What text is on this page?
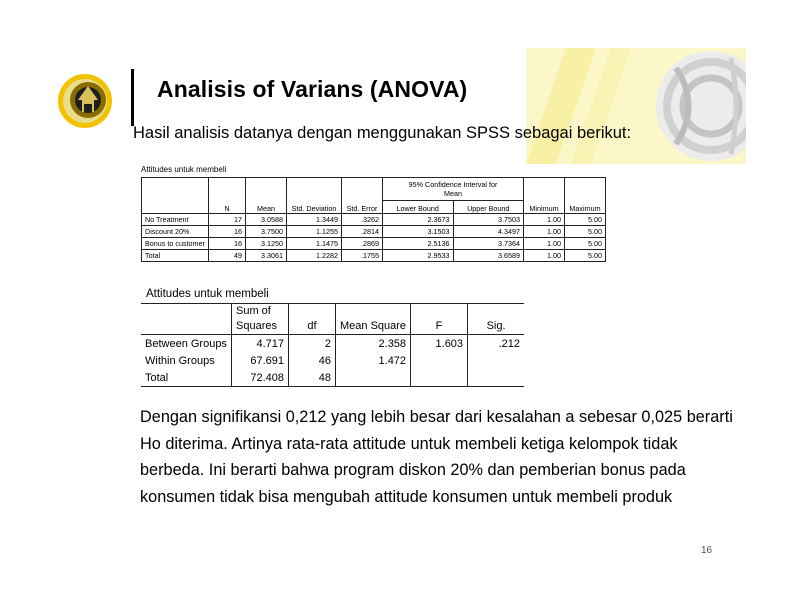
Analisis of Varians (ANOVA)
Hasil analisis datanya dengan menggunakan SPSS sebagai berikut:
Attitudes untuk membeli
	N	Mean	Std. Deviation	Std. Error	95% Confidence Interval for Mean		Minimum	Maximum
					Lower Bound	Upper Bound		
No Treatment	17	3.0588	1.3449	.3262	2.3673	3.7503	1.00	5.00
Discount 20%	16	3.7500	1.1255	.2814	3.1503	4.3497	1.00	5.00
Bonus to customer	16	3.1250	1.1475	.2869	2.5136	3.7364	1.00	5.00
Total	49	3.3061	1.2282	.1755	2.9533	3.6589	1.00	5.00
Attitudes untuk membeli
	Sum of Squares	df	Mean Square	F	Sig.
Between Groups	4.717	2	2.358	1.603	.212
Within Groups	67.691	46	1.472		
Total	72.408	48			
Dengan signifikansi 0,212 yang lebih besar dari kesalahan a sebesar 0,025 berarti Ho diterima. Artinya rata-rata attitude untuk membeli ketiga kelompok tidak berbeda. Ini berarti bahwa program diskon 20% dan pemberian bonus pada konsumen tidak bisa mengubah attitude konsumen untuk membeli produk
16
